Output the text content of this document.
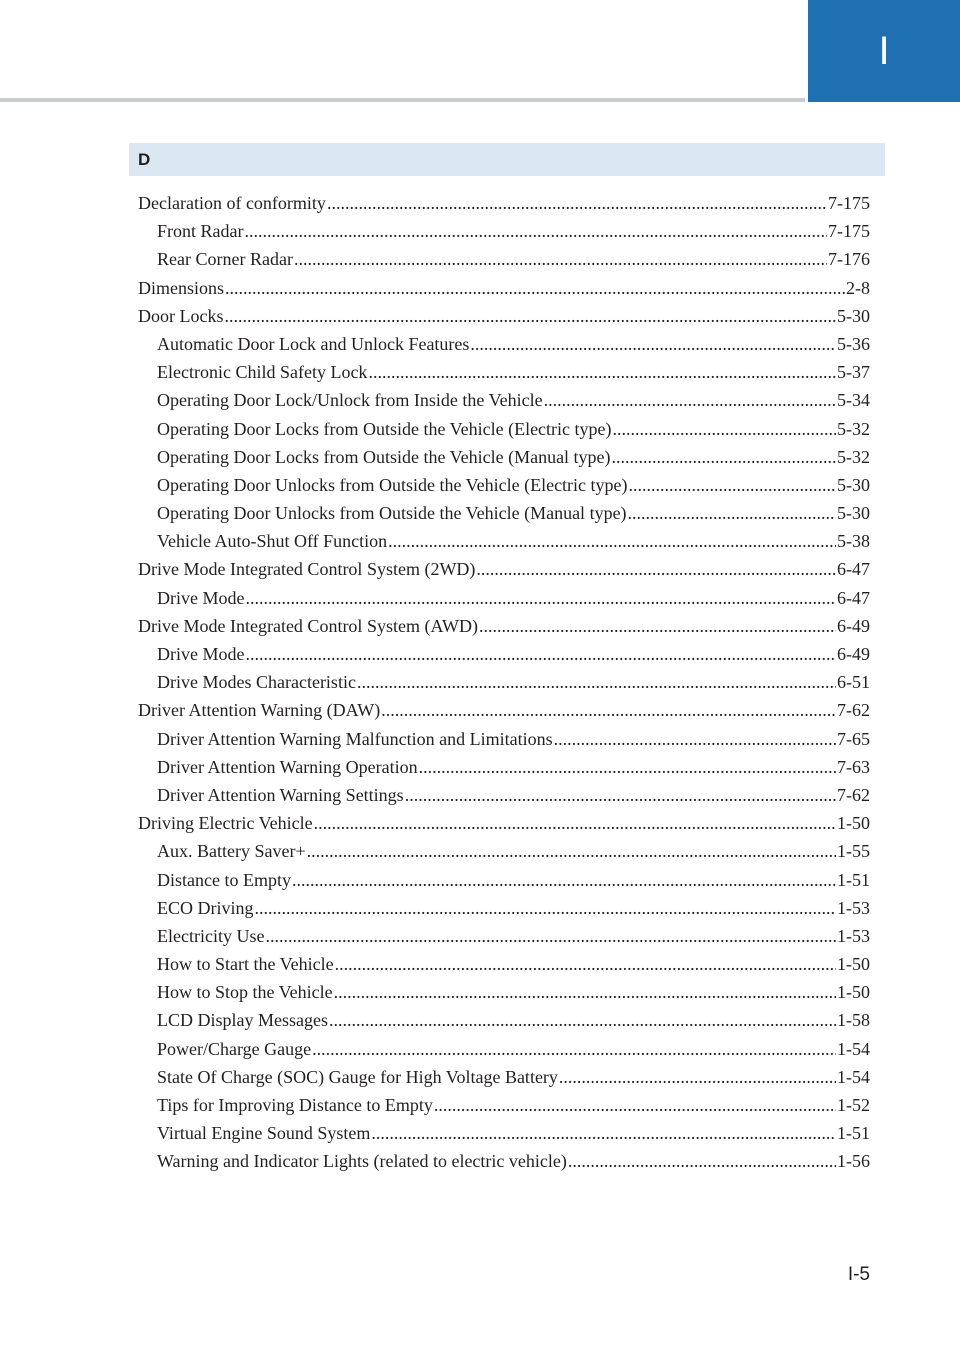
I
D
Declaration of conformity .....	7-175
Front Radar .....	7-175
Rear Corner Radar .....	7-176
Dimensions .....	2-8
Door Locks .....	5-30
Automatic Door Lock and Unlock Features .....	5-36
Electronic Child Safety Lock .....	5-37
Operating Door Lock/Unlock from Inside the Vehicle .....	5-34
Operating Door Locks from Outside the Vehicle (Electric type) .....	5-32
Operating Door Locks from Outside the Vehicle (Manual type) .....	5-32
Operating Door Unlocks from Outside the Vehicle (Electric type) .....	5-30
Operating Door Unlocks from Outside the Vehicle (Manual type) .....	5-30
Vehicle Auto-Shut Off Function .....	5-38
Drive Mode Integrated Control System (2WD) .....	6-47
Drive Mode .....	6-47
Drive Mode Integrated Control System (AWD) .....	6-49
Drive Mode .....	6-49
Drive Modes Characteristic .....	6-51
Driver Attention Warning (DAW) .....	7-62
Driver Attention Warning Malfunction and Limitations .....	7-65
Driver Attention Warning Operation .....	7-63
Driver Attention Warning Settings .....	7-62
Driving Electric Vehicle .....	1-50
Aux. Battery Saver+ .....	1-55
Distance to Empty .....	1-51
ECO Driving .....	1-53
Electricity Use .....	1-53
How to Start the Vehicle .....	1-50
How to Stop the Vehicle .....	1-50
LCD Display Messages .....	1-58
Power/Charge Gauge .....	1-54
State Of Charge (SOC) Gauge for High Voltage Battery .....	1-54
Tips for Improving Distance to Empty .....	1-52
Virtual Engine Sound System .....	1-51
Warning and Indicator Lights (related to electric vehicle) .....	1-56
I-5
